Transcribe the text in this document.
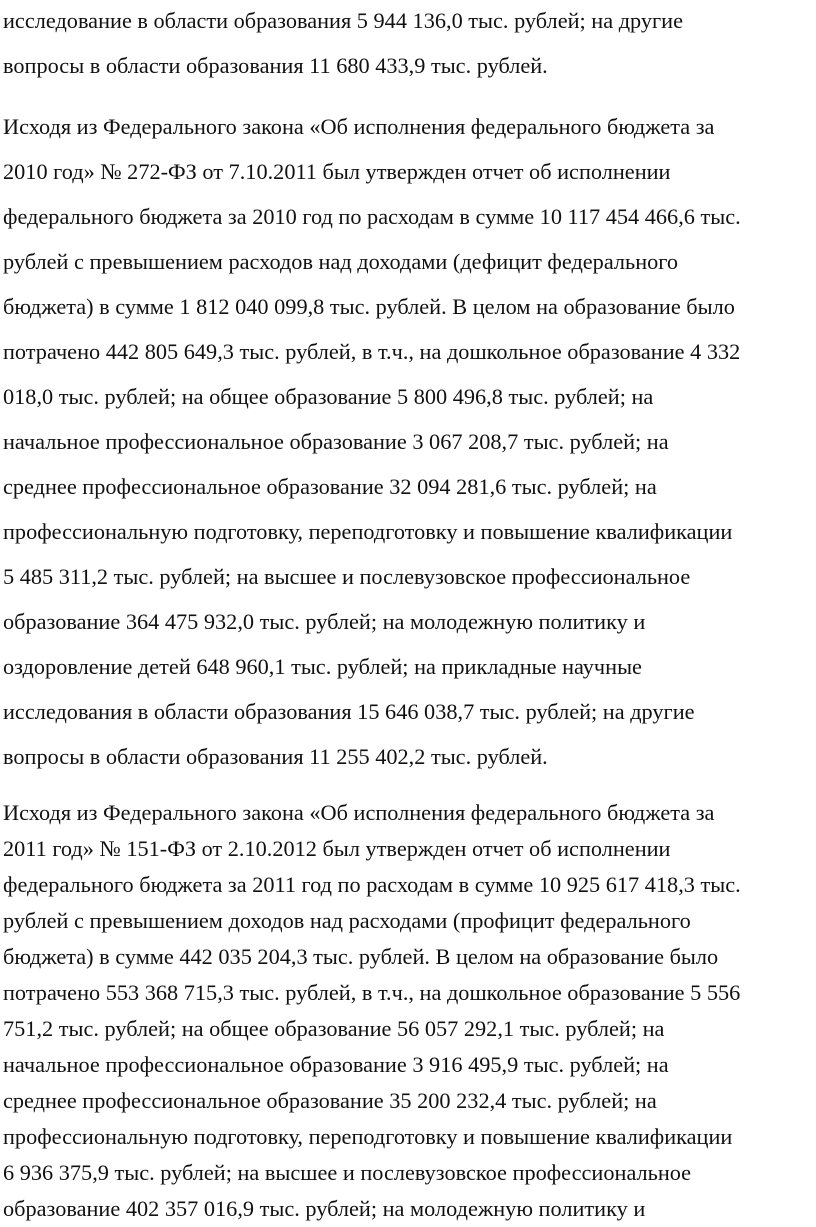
исследование в области образования 5 944 136,0 тыс. рублей; на другие
вопросы в области образования 11 680 433,9 тыс. рублей.
Исходя из Федерального закона «Об исполнения федерального бюджета за
2010 год» № 272-ФЗ от 7.10.2011 был утвержден отчет об исполнении
федерального бюджета за 2010 год по расходам в сумме 10 117 454 466,6 тыс.
рублей с превышением расходов над доходами (дефицит федерального
бюджета) в сумме 1 812 040 099,8 тыс. рублей. В целом на образование было
потрачено 442 805 649,3 тыс. рублей, в т.ч., на дошкольное образование 4 332
018,0 тыс. рублей; на общее образование 5 800 496,8 тыс. рублей; на
начальное профессиональное образование 3 067 208,7 тыс. рублей; на
среднее профессиональное образование 32 094 281,6 тыс. рублей; на
профессиональную подготовку, переподготовку и повышение квалификации
5 485 311,2 тыс. рублей; на высшее и послевузовское профессиональное
образование 364 475 932,0 тыс. рублей; на молодежную политику и
оздоровление детей 648 960,1 тыс. рублей; на прикладные научные
исследования в области образования 15 646 038,7 тыс. рублей; на другие
вопросы в области образования 11 255 402,2 тыс. рублей.
Исходя из Федерального закона «Об исполнения федерального бюджета за
2011 год» № 151-ФЗ от 2.10.2012 был утвержден отчет об исполнении
федерального бюджета за 2011 год по расходам в сумме 10 925 617 418,3 тыс.
рублей с превышением доходов над расходами (профицит федерального
бюджета) в сумме 442 035 204,3 тыс. рублей. В целом на образование было
потрачено 553 368 715,3 тыс. рублей, в т.ч., на дошкольное образование 5 556
751,2 тыс. рублей; на общее образование 56 057 292,1 тыс. рублей; на
начальное профессиональное образование 3 916 495,9 тыс. рублей; на
среднее профессиональное образование 35 200 232,4 тыс. рублей; на
профессиональную подготовку, переподготовку и повышение квалификации
6 936 375,9 тыс. рублей; на высшее и послевузовское профессиональное
образование 402 357 016,9 тыс. рублей; на молодежную политику и
